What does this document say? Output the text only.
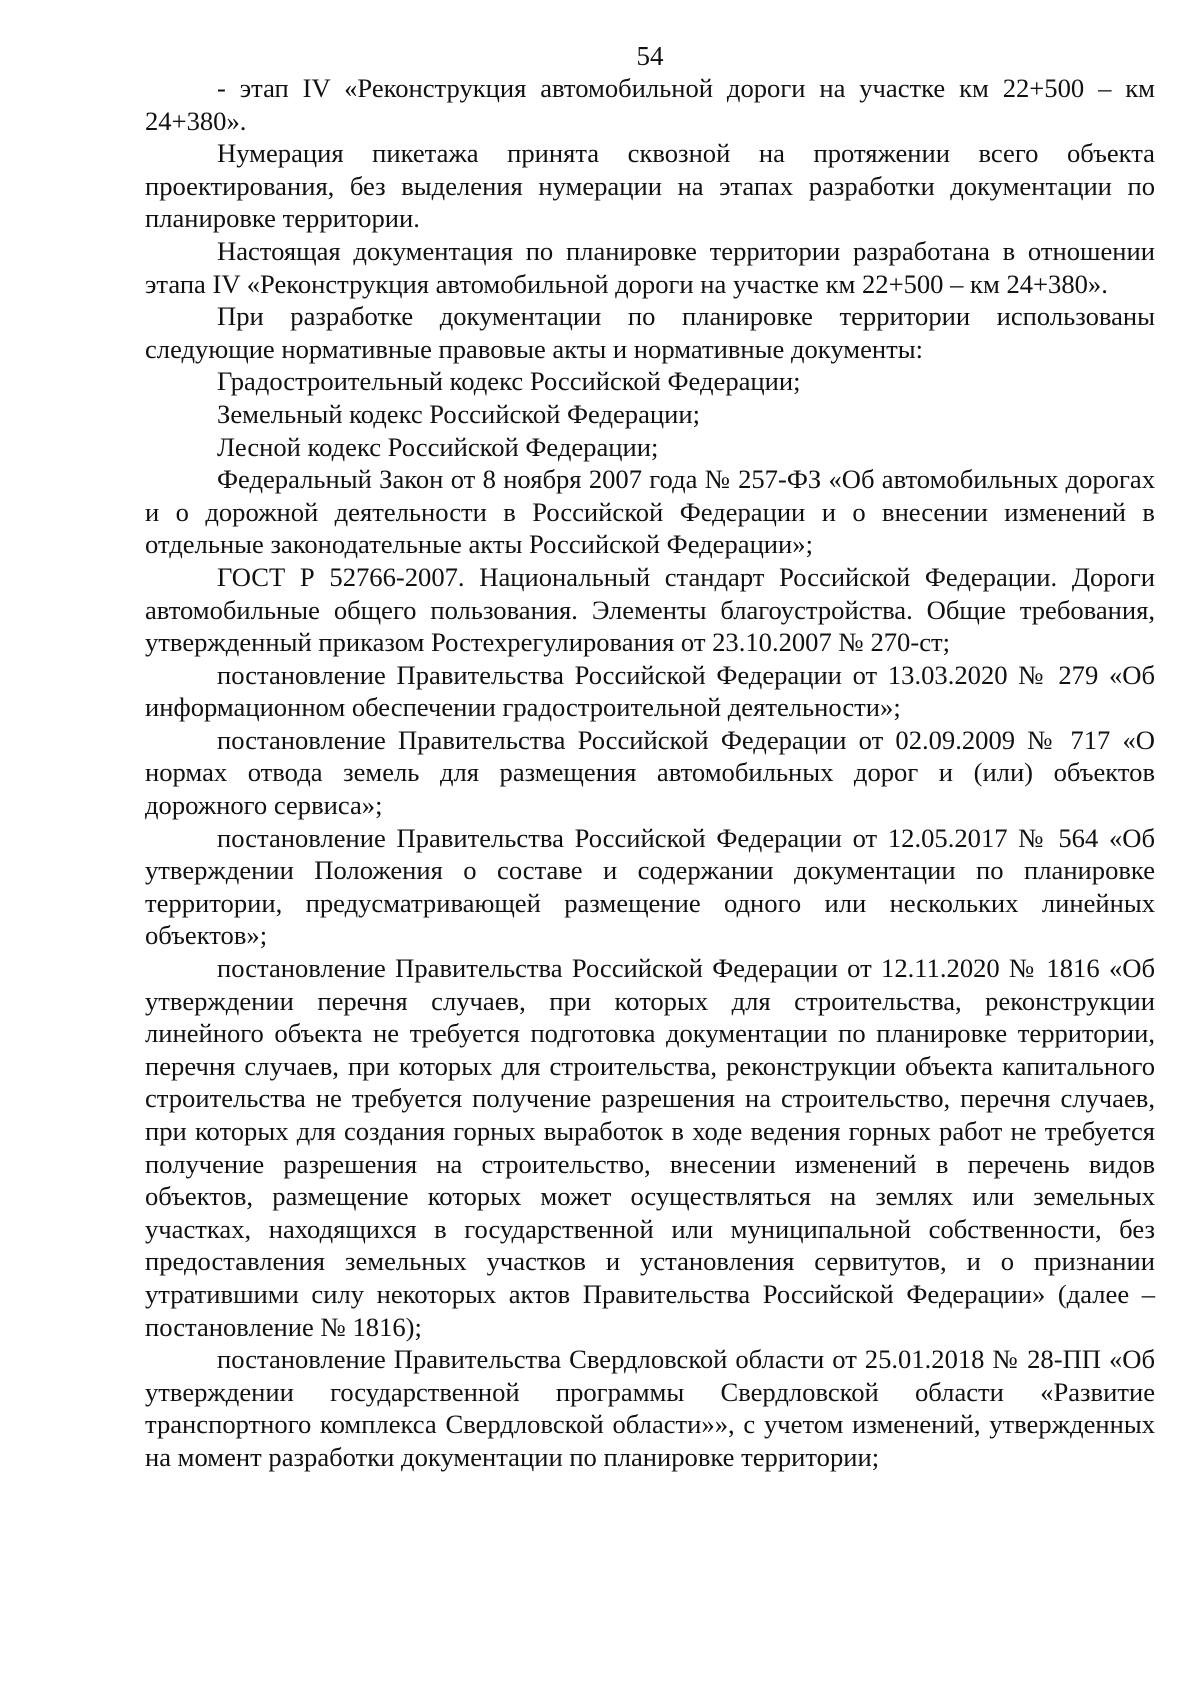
54

- этап IV «Реконструкция автомобильной дороги на участке км 22+500 – км 24+380».

Нумерация пикетажа принята сквозной на протяжении всего объекта проектирования, без выделения нумерации на этапах разработки документации по планировке территории.

Настоящая документация по планировке территории разработана в отношении этапа IV «Реконструкция автомобильной дороги на участке км 22+500 – км 24+380».

При разработке документации по планировке территории использованы следующие нормативные правовые акты и нормативные документы:

Градостроительный кодекс Российской Федерации;

Земельный кодекс Российской Федерации;

Лесной кодекс Российской Федерации;

Федеральный Закон от 8 ноября 2007 года № 257-ФЗ «Об автомобильных дорогах и о дорожной деятельности в Российской Федерации и о внесении изменений в отдельные законодательные акты Российской Федерации»;

ГОСТ Р 52766-2007. Национальный стандарт Российской Федерации. Дороги автомобильные общего пользования. Элементы благоустройства. Общие требования, утвержденный приказом Ростехрегулирования от 23.10.2007 № 270-ст;

постановление Правительства Российской Федерации от 13.03.2020 № 279 «Об информационном обеспечении градостроительной деятельности»;

постановление Правительства Российской Федерации от 02.09.2009 № 717 «О нормах отвода земель для размещения автомобильных дорог и (или) объектов дорожного сервиса»;

постановление Правительства Российской Федерации от 12.05.2017 № 564 «Об утверждении Положения о составе и содержании документации по планировке территории, предусматривающей размещение одного или нескольких линейных объектов»;

постановление Правительства Российской Федерации от 12.11.2020 № 1816 «Об утверждении перечня случаев, при которых для строительства, реконструкции линейного объекта не требуется подготовка документации по планировке территории, перечня случаев, при которых для строительства, реконструкции объекта капитального строительства не требуется получение разрешения на строительство, перечня случаев, при которых для создания горных выработок в ходе ведения горных работ не требуется получение разрешения на строительство, внесении изменений в перечень видов объектов, размещение которых может осуществляться на землях или земельных участках, находящихся в государственной или муниципальной собственности, без предоставления земельных участков и установления сервитутов, и о признании утратившими силу некоторых актов Правительства Российской Федерации» (далее – постановление № 1816);

постановление Правительства Свердловской области от 25.01.2018 № 28-ПП «Об утверждении государственной программы Свердловской области «Развитие транспортного комплекса Свердловской области»», с учетом изменений, утвержденных на момент разработки документации по планировке территории;
